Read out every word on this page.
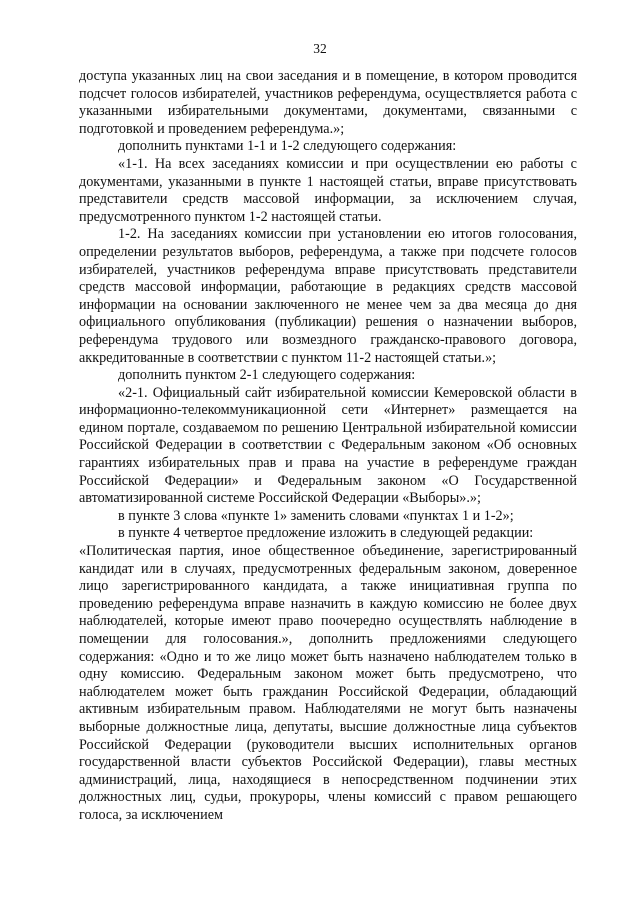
32

доступа указанных лиц на свои заседания и в помещение, в котором проводится подсчет голосов избирателей, участников референдума, осуществляется работа с указанными избирательными документами, документами, связанными с подготовкой и проведением референдума.»;

дополнить пунктами 1-1 и 1-2 следующего содержания:

«1-1. На всех заседаниях комиссии и при осуществлении ею работы с документами, указанными в пункте 1 настоящей статьи, вправе присутствовать представители средств массовой информации, за исключением случая, предусмотренного пунктом 1-2 настоящей статьи.

1-2. На заседаниях комиссии при установлении ею итогов голосования, определении результатов выборов, референдума, а также при подсчете голосов избирателей, участников референдума вправе присутствовать представители средств массовой информации, работающие в редакциях средств массовой информации на основании заключенного не менее чем за два месяца до дня официального опубликования (публикации) решения о назначении выборов, референдума трудового или возмездного гражданско-правового договора, аккредитованные в соответствии с пунктом 11-2 настоящей статьи.»;

дополнить пунктом 2-1 следующего содержания:

«2-1. Официальный сайт избирательной комиссии Кемеровской области в информационно-телекоммуникационной сети «Интернет» размещается на едином портале, создаваемом по решению Центральной избирательной комиссии Российской Федерации в соответствии с Федеральным законом «Об основных гарантиях избирательных прав и права на участие в референдуме граждан Российской Федерации» и Федеральным законом «О Государственной автоматизированной системе Российской Федерации «Выборы».»;

в пункте 3 слова «пункте 1» заменить словами «пунктах 1 и 1-2»;

в пункте 4 четвертое предложение изложить в следующей редакции:

«Политическая партия, иное общественное объединение, зарегистрированный кандидат или в случаях, предусмотренных федеральным законом, доверенное лицо зарегистрированного кандидата, а также инициативная группа по проведению референдума вправе назначить в каждую комиссию не более двух наблюдателей, которые имеют право поочередно осуществлять наблюдение в помещении для голосования.», дополнить предложениями следующего содержания: «Одно и то же лицо может быть назначено наблюдателем только в одну комиссию. Федеральным законом может быть предусмотрено, что наблюдателем может быть гражданин Российской Федерации, обладающий активным избирательным правом. Наблюдателями не могут быть назначены выборные должностные лица, депутаты, высшие должностные лица субъектов Российской Федерации (руководители высших исполнительных органов государственной власти субъектов Российской Федерации), главы местных администраций, лица, находящиеся в непосредственном подчинении этих должностных лиц, судьи, прокуроры, члены комиссий с правом решающего голоса, за исключением
